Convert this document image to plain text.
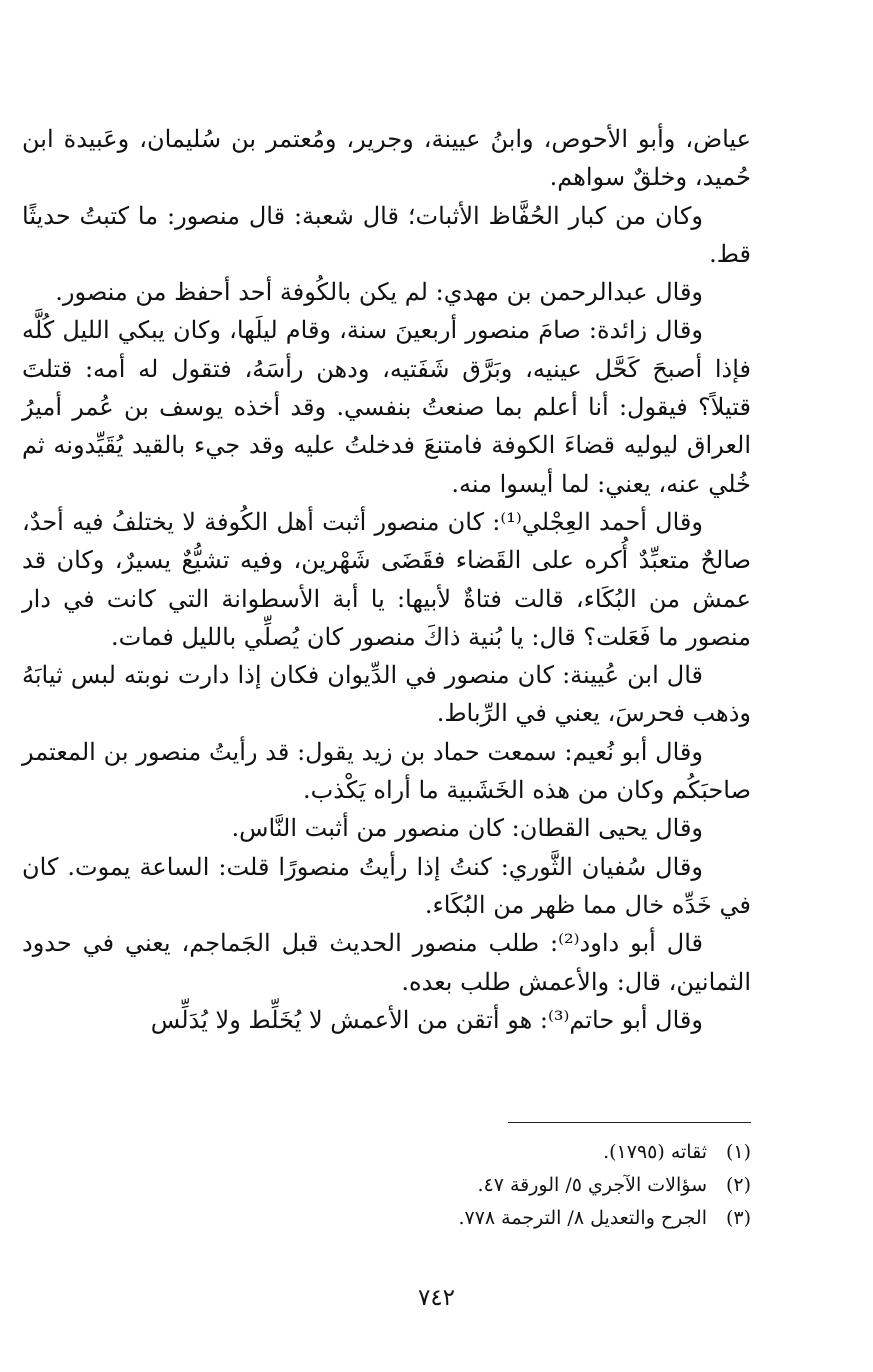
عياض، وأبو الأحوص، وابنُ عيينة، وجرير، ومُعتمر بن سُليمان، وعَبيدة ابن حُميد، وخلقٌ سواهم.

وكان من كبار الحُفَّاظ الأثبات؛ قال شعبة: قال منصور: ما كتبتُ حديثًا قط.

وقال عبدالرحمن بن مهدي: لم يكن بالكُوفة أحد أحفظ من منصور.

وقال زائدة: صامَ منصور أربعينَ سنة، وقام ليلَها، وكان يبكي الليل كُلَّه فإذا أصبحَ كَحَّل عينيه، وبَرَّق شَفَتيه، ودهن رأسَهُ، فتقول له أمه: قتلتَ قتيلاً؟ فيقول: أنا أعلم بما صنعتُ بنفسي. وقد أخذه يوسف بن عُمر أميرُ العراق ليوليه قضاءَ الكوفة فامتنعَ فدخلتُ عليه وقد جيء بالقيد يُقَيِّدونه ثم خُلي عنه، يعني: لما أيسوا منه.

وقال أحمد العِجْلي⁽¹⁾: كان منصور أثبت أهل الكُوفة لا يختلفُ فيه أحدٌ، صالحٌ متعبِّدٌ أُكره على القَضاء فقَضَى شَهْرين، وفيه تشيُّعٌ يسيرٌ، وكان قد عمش من البُكَاء، قالت فتاةٌ لأبيها: يا أبة الأسطوانة التي كانت في دار منصور ما فَعَلت؟ قال: يا بُنية ذاكَ منصور كان يُصلِّي بالليل فمات.

قال ابن عُيينة: كان منصور في الدِّيوان فكان إذا دارت نوبته لبس ثيابَهُ وذهب فحرسَ، يعني في الرِّباط.

وقال أبو نُعيم: سمعت حماد بن زيد يقول: قد رأيتُ منصور بن المعتمر صاحبَكُم وكان من هذه الخَشَبية ما أراه يَكْذب.

وقال يحيى القطان: كان منصور من أثبت النَّاس.

وقال سُفيان الثَّوري: كنتُ إذا رأيتُ منصورًا قلت: الساعة يموت. كان في خَدِّه خال مما ظهر من البُكَاء.

قال أبو داود⁽²⁾: طلب منصور الحديث قبل الجَماجم، يعني في حدود الثمانين، قال: والأعمش طلب بعده.

وقال أبو حاتم⁽³⁾: هو أتقن من الأعمش لا يُخَلِّط ولا يُدَلِّس

(١)
ثقاته (١٧٩٥).
(٢)
سؤالات الآجري ٥/ الورقة ٤٧.
(٣)
الجرح والتعديل ٨/ الترجمة ٧٧٨.
٧٤٢
